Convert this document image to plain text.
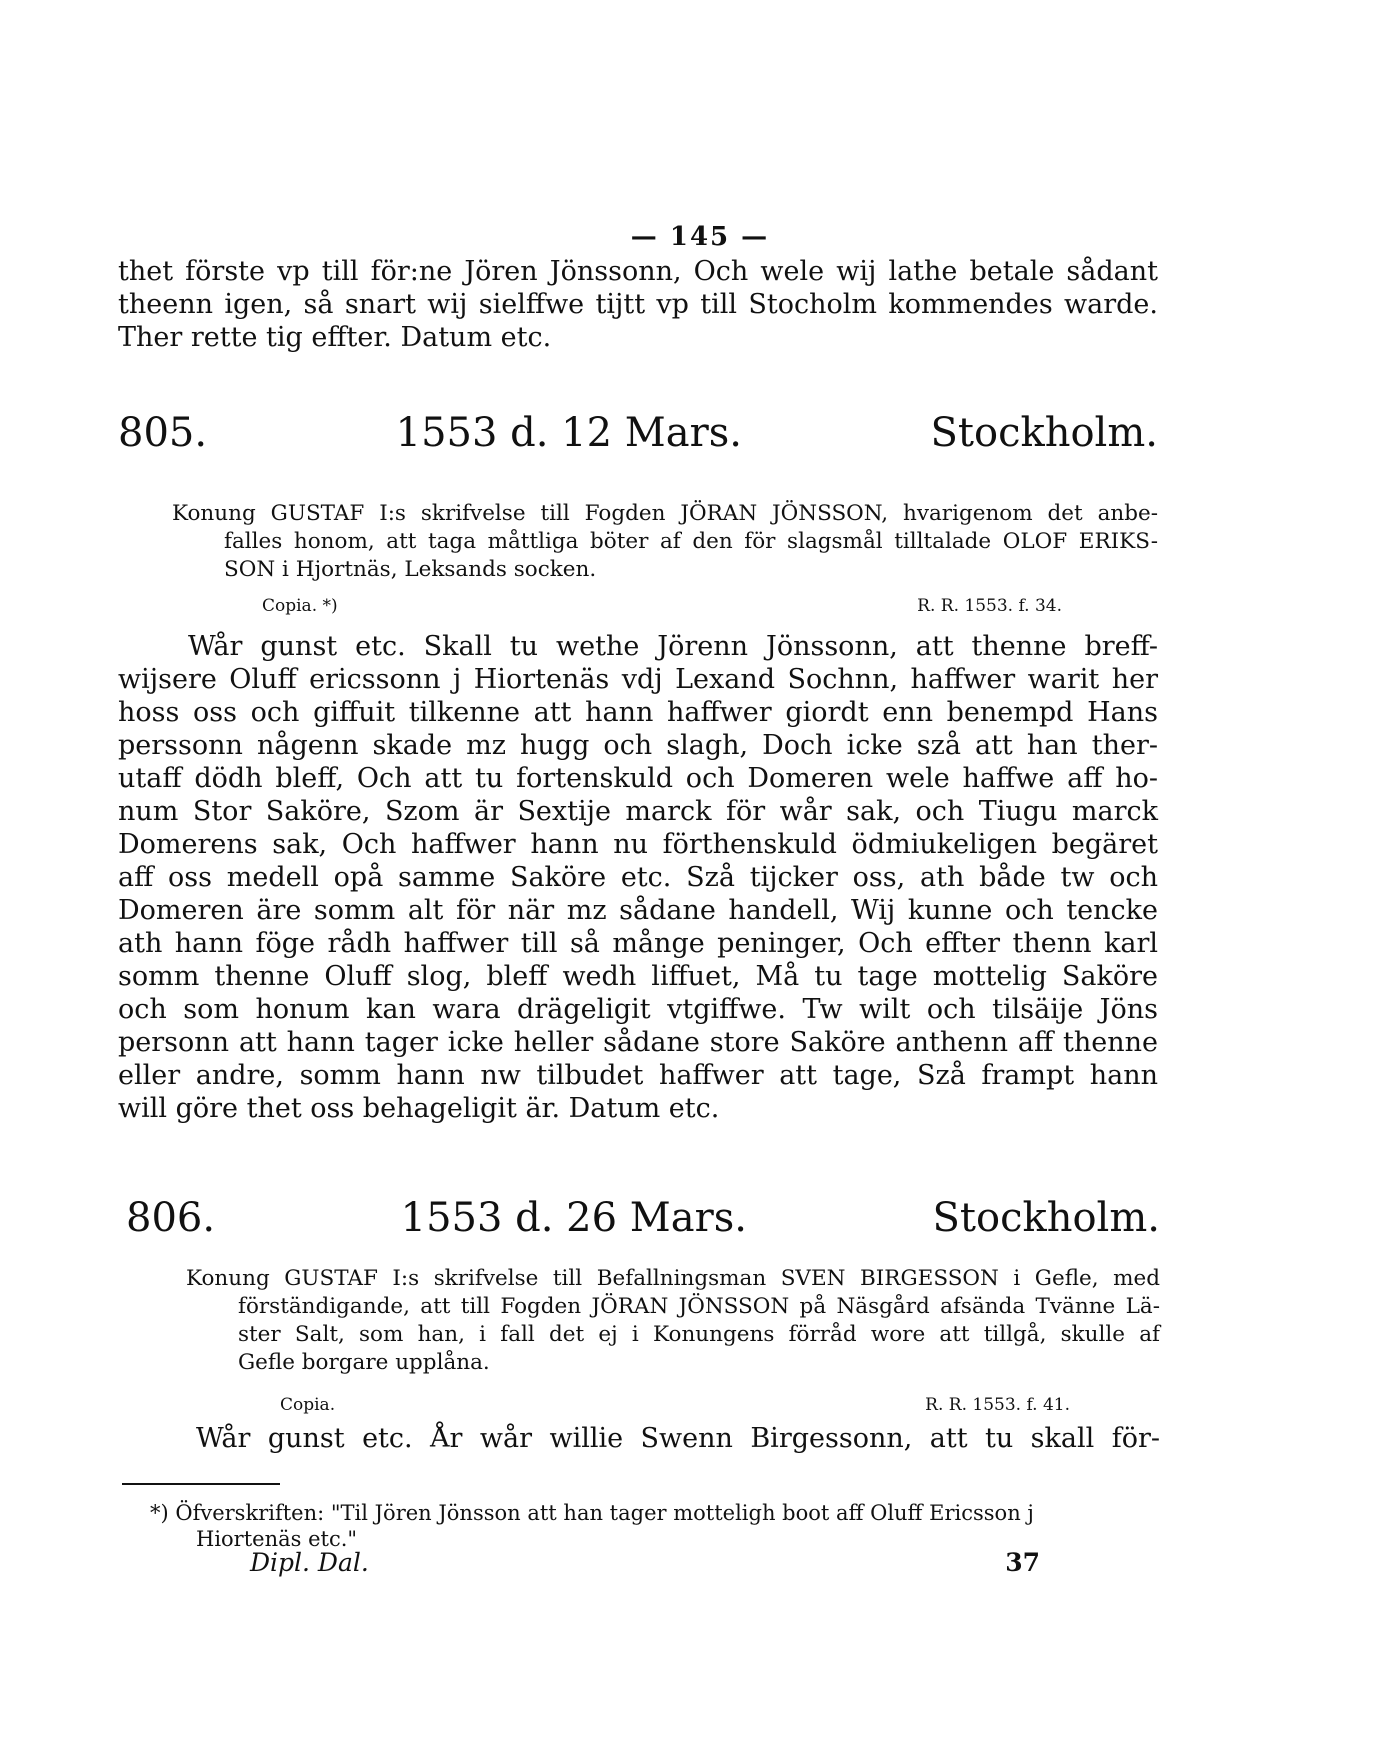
— 145 —
thet förste vp till för:ne Jören Jönssonn, Och wele wij lathe betale sådant
theenn igen, så snart wij sielffwe tijtt vp till Stocholm kommendes warde.
Ther rette tig effter. Datum etc.
805.	1553 d. 12 Mars.	Stockholm.
Konung GUSTAF I:s skrifvelse till Fogden JÖRAN JÖNSSON, hvarigenom det anbe-
falles honom, att taga måttliga böter af den för slagsmål tilltalade OLOF ERIKS-
SON i Hjortnäs, Leksands socken.
Copia. *)	R. R. 1553. f. 34.
Wår gunst etc. Skall tu wethe Jörenn Jönssonn, att thenne breff-
wijsere Oluff ericssonn j Hiortenäs vdj Lexand Sochnn, haffwer warit her
hoss oss och giffuit tilkenne att hann haffwer giordt enn benempd Hans
perssonn någenn skade mz hugg och slagh, Doch icke szå att han ther-
utaff dödh bleff, Och att tu fortenskuld och Domeren wele haffwe aff ho-
num Stor Saköre, Szom är Sextije marck för wår sak, och Tiugu marck
Domerens sak, Och haffwer hann nu förthenskuld ödmiukeligen begäret
aff oss medell opå samme Saköre etc. Szå tijcker oss, ath både tw och
Domeren äre somm alt för när mz sådane handell, Wij kunne och tencke
ath hann föge rådh haffwer till så månge peninger, Och effter thenn karl
somm thenne Oluff slog, bleff wedh liffuet, Må tu tage mottelig Saköre
och som honum kan wara drägeligit vtgiffwe. Tw wilt och tilsäije Jöns
personn att hann tager icke heller sådane store Saköre anthenn aff thenne
eller andre, somm hann nw tilbudet haffwer att tage, Szå frampt hann
will göre thet oss behageligit är. Datum etc.
806.	1553 d. 26 Mars.	Stockholm.
Konung GUSTAF I:s skrifvelse till Befallningsman SVEN BIRGESSON i Gefle, med
förständigande, att till Fogden JÖRAN JÖNSSON på Näsgård afsända Tvänne Lä-
ster Salt, som han, i fall det ej i Konungens förråd wore att tillgå, skulle af
Gefle borgare upplåna.
Copia.	R. R. 1553. f. 41.
Wår gunst etc. År wår willie Swenn Birgessonn, att tu skall för-
*) Öfverskriften: "Til Jören Jönsson att han tager motteligh boot aff Oluff Ericsson j
Hiortenäs etc."
Dipl. Dal.	37
